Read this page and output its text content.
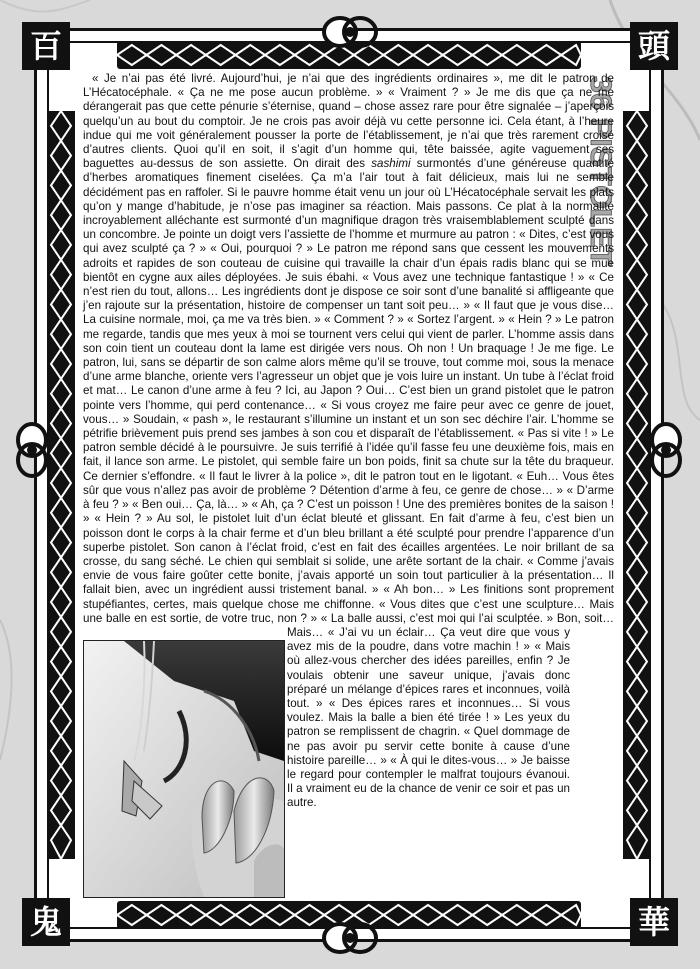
百	頭
鬼	華
36 PISTOLET

« Je n’ai pas été livré. Aujourd’hui, je n’ai que des ingrédients ordinaires », me dit le patron de L’Hécatocéphale. « Ça ne me pose aucun problème. » « Vraiment ? » Je me dis que ça ne me dérangerait pas que cette pénurie s’éternise, quand – chose assez rare pour être signalée – j’aperçois quelqu’un au bout du comptoir. Je ne crois pas avoir déjà vu cette personne ici. Cela étant, à l’heure indue qui me voit généralement pousser la porte de l’établissement, je n’ai que très rarement croisé d’autres clients. Quoi qu’il en soit, il s’agit d’un homme qui, tête baissée, agite vaguement ses baguettes au-dessus de son assiette. On dirait des sashimi surmontés d’une généreuse quantité d’herbes aromatiques finement ciselées. Ça m’a l’air tout à fait délicieux, mais lui ne semble décidément pas en raffoler. Si le pauvre homme était venu un jour où L’Hécatocéphale servait les plats qu’on y mange d’habitude, je n’ose pas imaginer sa réaction. Mais passons. Ce plat à la normalité incroyablement alléchante est surmonté d’un magnifique dragon très vraisemblablement sculpté dans un concombre. Je pointe un doigt vers l’assiette de l’homme et murmure au patron : « Dites, c’est vous qui avez sculpté ça ? » « Oui, pourquoi ? » Le patron me répond sans que cessent les mouvements adroits et rapides de son couteau de cuisine qui travaille la chair d’un épais radis blanc qui se mue bientôt en cygne aux ailes déployées. Je suis ébahi. « Vous avez une technique fantastique ! » « Ce n’est rien du tout, allons… Les ingrédients dont je dispose ce soir sont d’une banalité si affligeante que j’en rajoute sur la présentation, histoire de compenser un tant soit peu… » « Il faut que je vous dise… La cuisine normale, moi, ça me va très bien. » « Comment ? » « Sortez l’argent. » « Hein ? » Le patron me regarde, tandis que mes yeux à moi se tournent vers celui qui vient de parler. L’homme assis dans son coin tient un couteau dont la lame est dirigée vers nous. Oh non ! Un braquage ! Je me fige. Le patron, lui, sans se départir de son calme alors même qu’il se trouve, tout comme moi, sous la menace d’une arme blanche, oriente vers l’agresseur un objet que je vois luire un instant. Un tube à l’éclat froid et mat… Le canon d’une arme à feu ? Ici, au Japon ? Oui… C’est bien un grand pistolet que le patron pointe vers l’homme, qui perd contenance… « Si vous croyez me faire peur avec ce genre de jouet, vous… » Soudain, « pash », le restaurant s’illumine un instant et un son sec déchire l’air. L’homme se pétrifie brièvement puis prend ses jambes à son cou et disparaît de l’établissement. « Pas si vite ! » Le patron semble décidé à le poursuivre. Je suis terrifié à l’idée qu’il fasse feu une deuxième fois, mais en fait, il lance son arme. Le pistolet, qui semble faire un bon poids, finit sa chute sur la tête du braqueur. Ce dernier s’effondre. « Il faut le livrer à la police », dit le patron tout en le ligotant. « Euh… Vous êtes sûr que vous n’allez pas avoir de problème ? Détention d’arme à feu, ce genre de chose… » « D’arme à feu ? » « Ben oui… Ça, là… » « Ah, ça ? C’est un poisson ! Une des premières bonites de la saison ! » « Hein ? » Au sol, le pistolet luit d’un éclat bleuté et glissant. En fait d’arme à feu, c’est bien un poisson dont le corps à la chair ferme et d’un bleu brillant a été sculpté pour prendre l’apparence d’un superbe pistolet. Son canon à l’éclat froid, c’est en fait des écailles argentées. Le noir brillant de sa crosse, du sang séché. Le chien qui semblait si solide, une arête sortant de la chair. « Comme j’avais envie de vous faire goûter cette bonite, j’avais apporté un soin tout particulier à la présentation… Il fallait bien, avec un ingrédient aussi tristement banal. » « Ah bon… » Les finitions sont proprement stupéfiantes, certes, mais quelque chose me chiffonne. « Vous dites que c’est une sculpture… Mais une balle en est sortie, de votre truc, non ? » « La balle aussi, c’est moi qui l’ai sculptée. » Bon, soit… Mais… « J’ai vu un éclair… Ça veut dire que vous y avez mis de la poudre, dans votre machin ! » « Mais où allez-vous chercher des idées pareilles, enfin ? Je voulais obtenir une saveur unique, j’avais donc préparé un mélange d’épices rares et inconnues, voilà tout. » « Des épices rares et inconnues… Si vous voulez. Mais la balle a bien été tirée ! » Les yeux du patron se remplissent de chagrin. « Quel dommage de ne pas avoir pu servir cette bonite à cause d’une histoire pareille… » « À qui le dites-vous… » Je baisse le regard pour contempler le malfrat toujours évanoui. Il a vraiment eu de la chance de venir ce soir et pas un autre.
